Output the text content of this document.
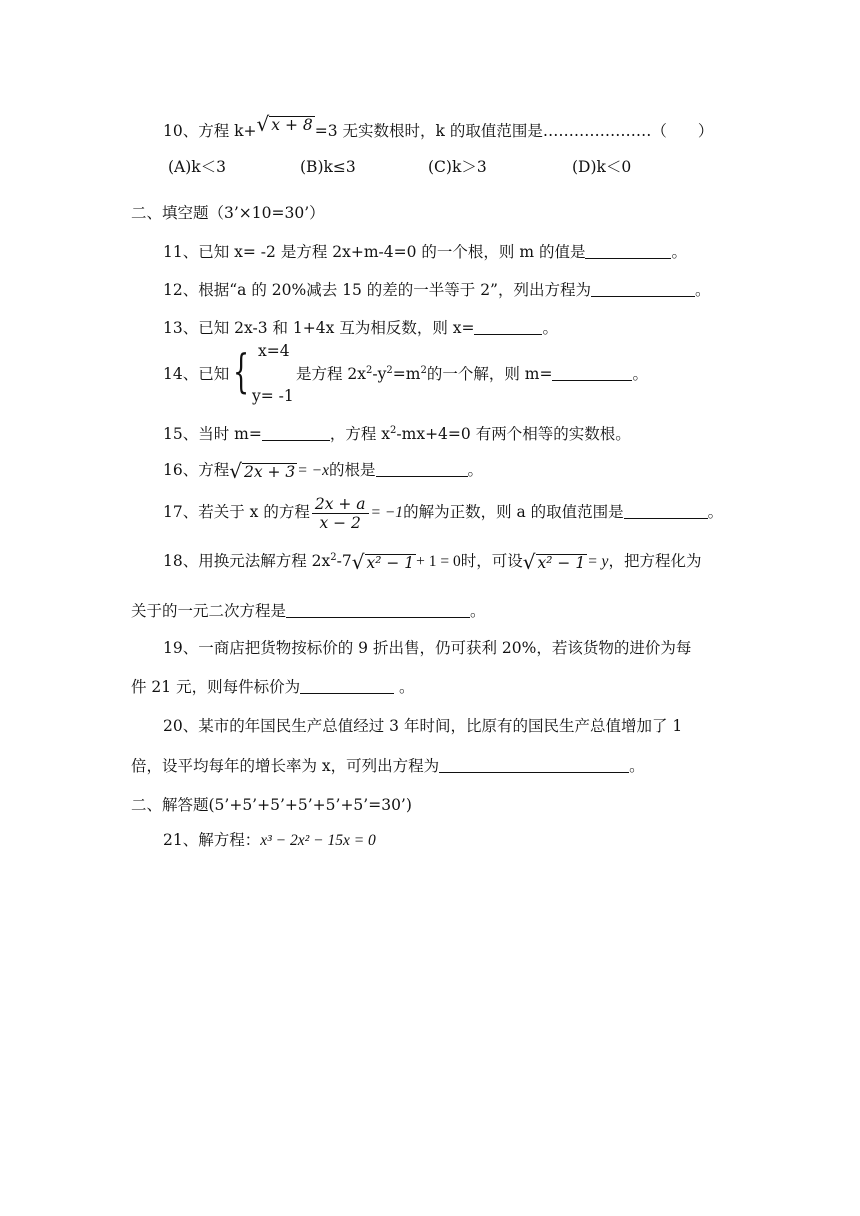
10、方程 k+√ x + 8 =3 无实数根时，k 的取值范围是…………………（　　）
(A)k＜3	(B)k≤3	(C)k＞3	(D)k＜0
二、填空题（3’×10=30’）
11、已知 x= -2 是方程 2x+m-4=0 的一个根，则 m 的值是	。
12、根据“a 的 20%减去 15 的差的一半等于 2”，列出方程为	。
13、已知 2x-3 和 1+4x 互为相反数，则 x=	。
14、已知 { x=4
y= -1
是方程 $2x^2-y^2=m^2$的一个解，则 m=	。
15、当时 m=	，方程 $x^2-mx+4=0$ 有两个相等的实数根。
16、方程√ 2x + 3 = −x的根是	。
17、若关于 x 的方程 $\frac{2x + a}{x - 2} = -1$的解为正数，则 a 的取值范围是	。
18、用换元法解方程 $2x^2-7√$ x² − 1 + 1 = 0时，可设√ x² − 1 = y，把方程化为
关于的一元二次方程是	。
19、一商店把货物按标价的 9 折出售，仍可获利 20%，若该货物的进价为每
件 21 元，则每件标价为	。
20、某市的年国民生产总值经过 3 年时间，比原有的国民生产总值增加了 1
倍，设平均每年的增长率为 x，可列出方程为	。
二、解答题(5’+5’+5’+5’+5’+5’=30’)
21、解方程：x³ − 2x² − 15x = 0
